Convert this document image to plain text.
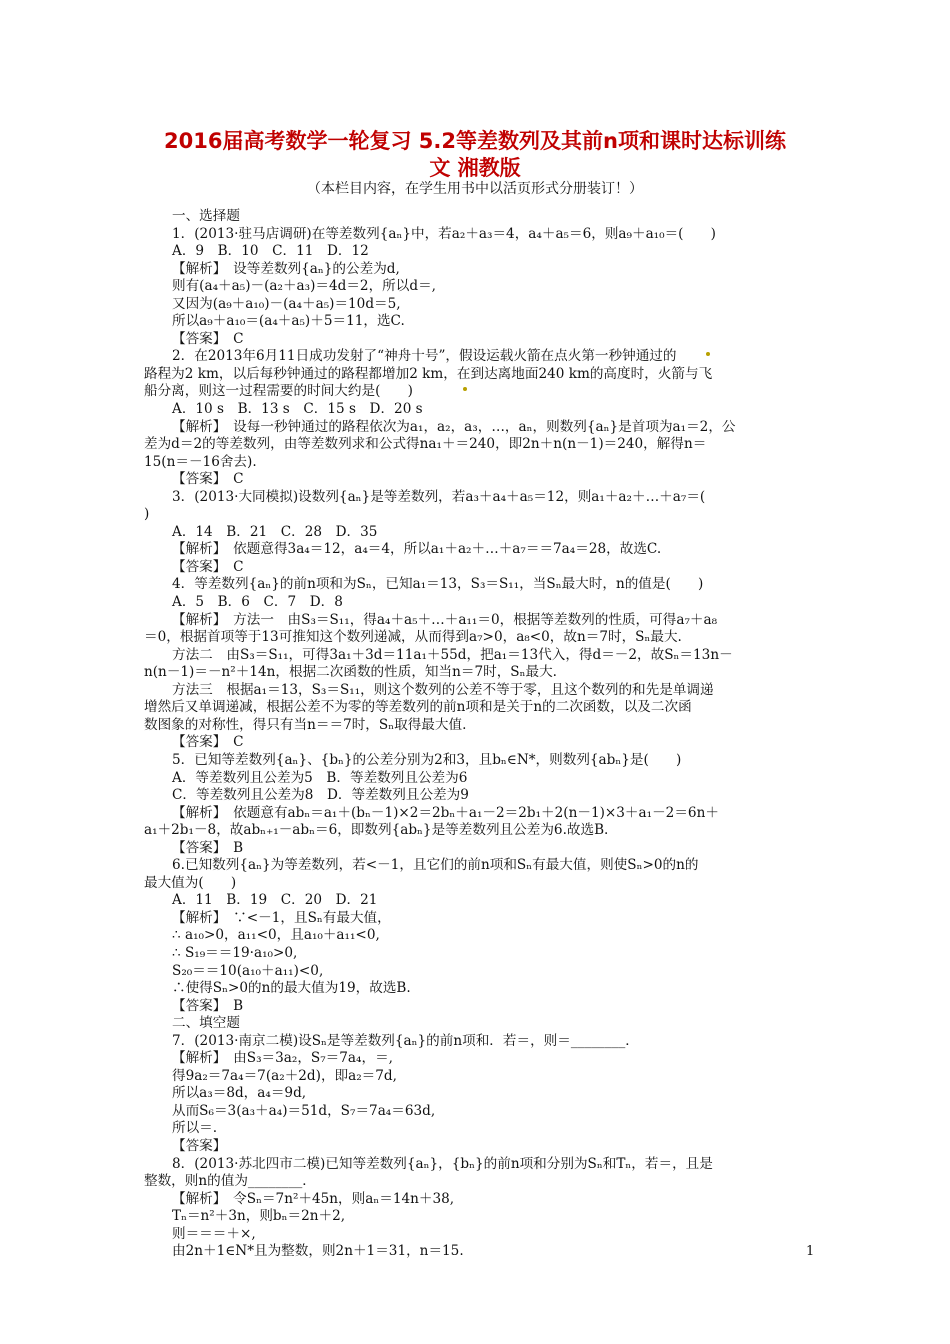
2016届高考数学一轮复习 5.2等差数列及其前n项和课时达标训练
文 湘教版
（本栏目内容，在学生用书中以活页形式分册装订！）
一、选择题
1．(2013·驻马店调研)在等差数列{aₙ}中，若a₂＋a₃＝4，a₄＋a₅＝6，则a₉＋a₁₀＝(　　)
A．9　B．10　C．11　D．12
【解析】　设等差数列{aₙ}的公差为d,
则有(a₄＋a₅)－(a₂＋a₃)＝4d＝2，所以d＝,
又因为(a₉＋a₁₀)－(a₄＋a₅)＝10d＝5,
所以a₉＋a₁₀＝(a₄＋a₅)＋5＝11，选C.
【答案】　C
2．在2013年6月11日成功发射了“神舟十号”，假设运载火箭在点火第一秒钟通过的
路程为2 km，以后每秒钟通过的路程都增加2 km，在到达离地面240 km的高度时，火箭与飞
船分离，则这一过程需要的时间大约是(　　)
A．10 s　B．13 s　C．15 s　D．20 s
【解析】　设每一秒钟通过的路程依次为a₁，a₂，a₃，…，aₙ，则数列{aₙ}是首项为a₁＝2，公
差为d＝2的等差数列，由等差数列求和公式得na₁＋＝240，即2n＋n(n－1)＝240，解得n＝
15(n＝－16舍去).
【答案】　C
3．(2013·大同模拟)设数列{aₙ}是等差数列，若a₃＋a₄＋a₅＝12，则a₁＋a₂＋…＋a₇＝(
)
A．14　B．21　C．28　D．35
【解析】　依题意得3a₄＝12，a₄＝4，所以a₁＋a₂＋…＋a₇＝＝7a₄＝28，故选C.
【答案】　C
4．等差数列{aₙ}的前n项和为Sₙ，已知a₁＝13，S₃＝S₁₁，当Sₙ最大时，n的值是(　　)
A．5　B．6　C．7　D．8
【解析】　方法一　由S₃＝S₁₁，得a₄＋a₅＋…＋a₁₁＝0，根据等差数列的性质，可得a₇＋a₈
＝0，根据首项等于13可推知这个数列递减，从而得到a₇>0，a₈<0，故n＝7时，Sₙ最大.
方法二　由S₃＝S₁₁，可得3a₁＋3d＝11a₁＋55d，把a₁＝13代入，得d＝－2，故Sₙ＝13n－
n(n－1)＝－n²＋14n，根据二次函数的性质，知当n＝7时，Sₙ最大.
方法三　根据a₁＝13，S₃＝S₁₁，则这个数列的公差不等于零，且这个数列的和先是单调递
增然后又单调递减，根据公差不为零的等差数列的前n项和是关于n的二次函数，以及二次函
数图象的对称性，得只有当n＝＝7时，Sₙ取得最大值.
【答案】　C
5．已知等差数列{aₙ}、{bₙ}的公差分别为2和3，且bₙ∈N*，则数列{abₙ}是(　　)
A．等差数列且公差为5　B．等差数列且公差为6
C．等差数列且公差为8　D．等差数列且公差为9
【解析】　依题意有abₙ＝a₁＋(bₙ－1)×2＝2bₙ＋a₁－2＝2b₁＋2(n－1)×3＋a₁－2＝6n＋
a₁＋2b₁－8，故abₙ₊₁－abₙ＝6，即数列{abₙ}是等差数列且公差为6.故选B.
【答案】　B
6.已知数列{aₙ}为等差数列，若<－1，且它们的前n项和Sₙ有最大值，则使Sₙ>0的n的
最大值为(　　)
A．11　B．19　C．20　D．21
【解析】　∵<－1，且Sₙ有最大值，
∴ a₁₀>0，a₁₁<0，且a₁₀＋a₁₁<0,
∴ S₁₉＝＝19·a₁₀>0,
S₂₀＝＝10(a₁₀＋a₁₁)<0,
∴使得Sₙ>0的n的最大值为19，故选B.
【答案】　B
二、填空题
7．(2013·南京二模)设Sₙ是等差数列{aₙ}的前n项和．若＝，则＝________．
【解析】　由S₃＝3a₂，S₇＝7a₄，＝,
得9a₂＝7a₄＝7(a₂＋2d)，即a₂＝7d,
所以a₃＝8d，a₄＝9d,
从而S₆＝3(a₃＋a₄)＝51d，S₇＝7a₄＝63d,
所以＝.
【答案】
8．(2013·苏北四市二模)已知等差数列{aₙ}，{bₙ}的前n项和分别为Sₙ和Tₙ，若＝，且是
整数，则n的值为________．
【解析】　令Sₙ＝7n²＋45n，则aₙ＝14n＋38,
Tₙ＝n²＋3n，则bₙ＝2n＋2,
则＝＝＝＋×,
由2n＋1∈N*且为整数，则2n＋1＝31，n＝15.	1
